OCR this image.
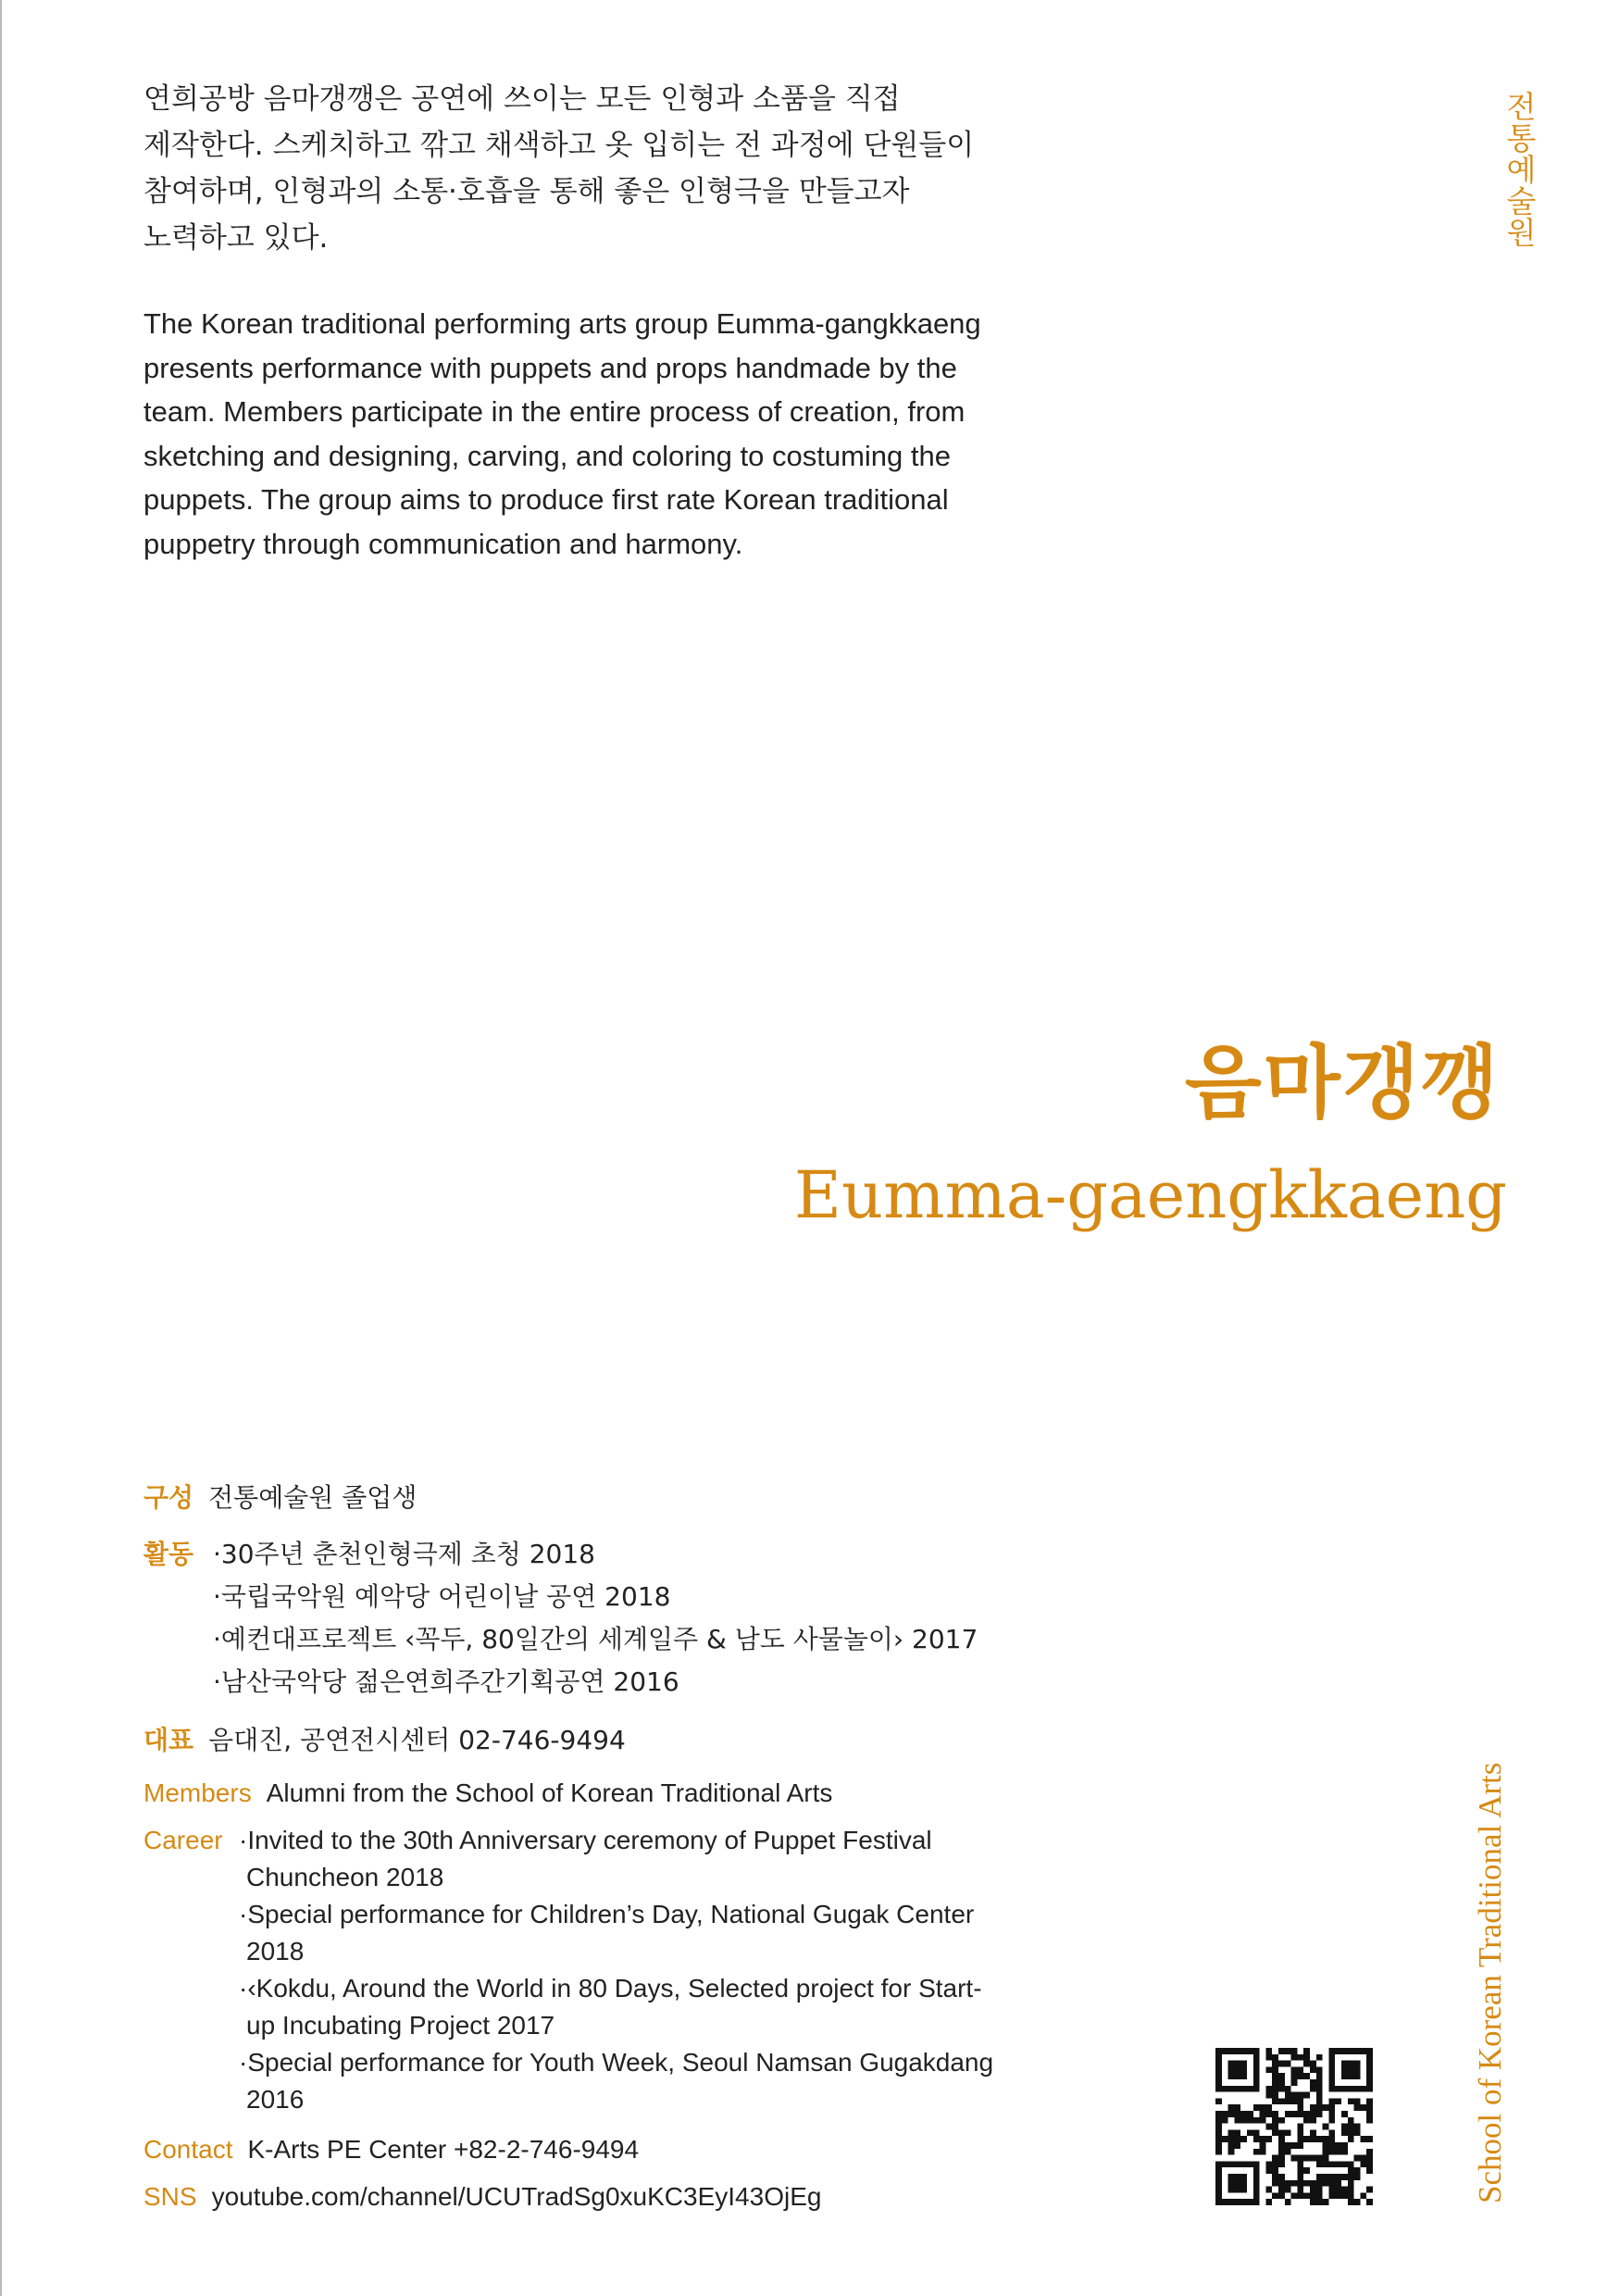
연희공방 음마갱깽은 공연에 쓰이는 모든 인형과 소품을 직접
제작한다. 스케치하고 깎고 채색하고 옷 입히는 전 과정에 단원들이
참여하며, 인형과의 소통·호흡을 통해 좋은 인형극을 만들고자
노력하고 있다.
The Korean traditional performing arts group Eumma-gangkkaeng
presents performance with puppets and props handmade by the
team. Members participate in the entire process of creation, from
sketching and designing, carving, and coloring to costuming the
puppets. The group aims to produce first rate Korean traditional
puppetry through communication and harmony.
전통예술원
School of Korean Traditional Arts
음마갱깽
Eumma-gaengkkaeng
구성 전통예술원 졸업생
활동 ·30주년 춘천인형극제 초청 2018
·국립국악원 예악당 어린이날 공연 2018
·예컨대프로젝트 ‹꼭두, 80일간의 세계일주 & 남도 사물놀이› 2017
·남산국악당 젊은연희주간기획공연 2016
대표 음대진, 공연전시센터 02-746-9494
Members Alumni from the School of Korean Traditional Arts
Career ·Invited to the 30th Anniversary ceremony of Puppet Festival
Chuncheon 2018
·Special performance for Children’s Day, National Gugak Center
2018
·‹Kokdu, Around the World in 80 Days, Selected project for Start-
up Incubating Project 2017
·Special performance for Youth Week, Seoul Namsan Gugakdang
2016
Contact K-Arts PE Center +82-2-746-9494
SNS youtube.com/channel/UCUTradSg0xuKC3EyI43OjEg
